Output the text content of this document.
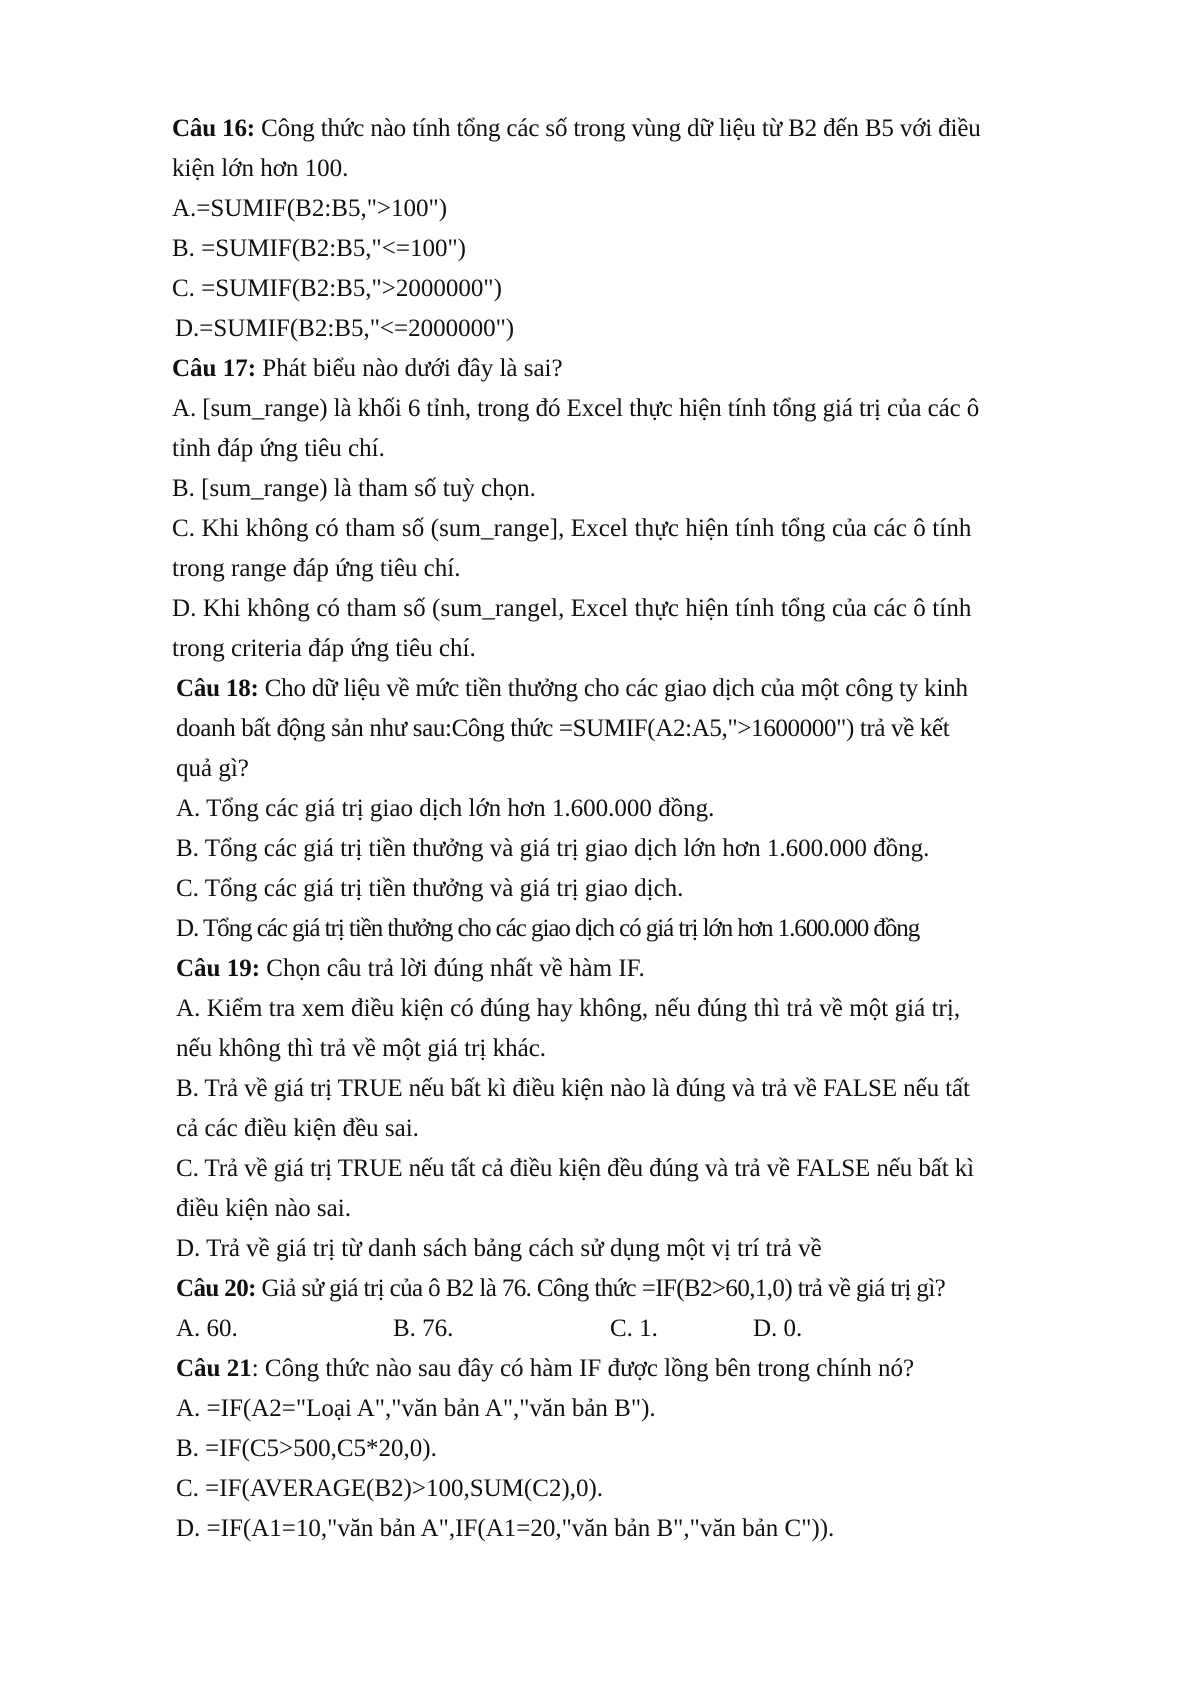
Câu 16: Công thức nào tính tổng các số trong vùng dữ liệu từ B2 đến B5 với điều
kiện lớn hơn 100.
A.=SUMIF(B2:B5,">100")
B. =SUMIF(B2:B5,"<=100")
C. =SUMIF(B2:B5,">2000000")
D.=SUMIF(B2:B5,"<=2000000")
Câu 17: Phát biểu nào dưới đây là sai?
A. [sum_range) là khối 6 tỉnh, trong đó Excel thực hiện tính tổng giá trị của các ô
tỉnh đáp ứng tiêu chí.
B. [sum_range) là tham số tuỳ chọn.
C. Khi không có tham số (sum_range], Excel thực hiện tính tổng của các ô tính
trong range đáp ứng tiêu chí.
D. Khi không có tham số (sum_rangel, Excel thực hiện tính tổng của các ô tính
trong criteria đáp ứng tiêu chí.
Câu 18: Cho dữ liệu về mức tiền thưởng cho các giao dịch của một công ty kinh
doanh bất động sản như sau:Công thức =SUMIF(A2:A5,">1600000") trả về kết
quả gì?
A. Tổng các giá trị giao dịch lớn hơn 1.600.000 đồng.
B. Tổng các giá trị tiền thưởng và giá trị giao dịch lớn hơn 1.600.000 đồng.
C. Tổng các giá trị tiền thưởng và giá trị giao dịch.
D. Tổng các giá trị tiền thưởng cho các giao dịch có giá trị lớn hơn 1.600.000 đồng
Câu 19: Chọn câu trả lời đúng nhất về hàm IF.
A. Kiểm tra xem điều kiện có đúng hay không, nếu đúng thì trả về một giá trị,
nếu không thì trả về một giá trị khác.
B. Trả về giá trị TRUE nếu bất kì điều kiện nào là đúng và trả về FALSE nếu tất
cả các điều kiện đều sai.
C. Trả về giá trị TRUE nếu tất cả điều kiện đều đúng và trả về FALSE nếu bất kì
điều kiện nào sai.
D. Trả về giá trị từ danh sách bảng cách sử dụng một vị trí trả về
Câu 20: Giả sử giá trị của ô B2 là 76. Công thức =IF(B2>60,1,0) trả về giá trị gì?
A. 60.	B. 76.	C. 1.	D. 0.
Câu 21: Công thức nào sau đây có hàm IF được lồng bên trong chính nó?
A. =IF(A2="Loại A","văn bản A","văn bản B").
B. =IF(C5>500,C5*20,0).
C. =IF(AVERAGE(B2)>100,SUM(C2),0).
D. =IF(A1=10,"văn bản A",IF(A1=20,"văn bản B","văn bản C")).
